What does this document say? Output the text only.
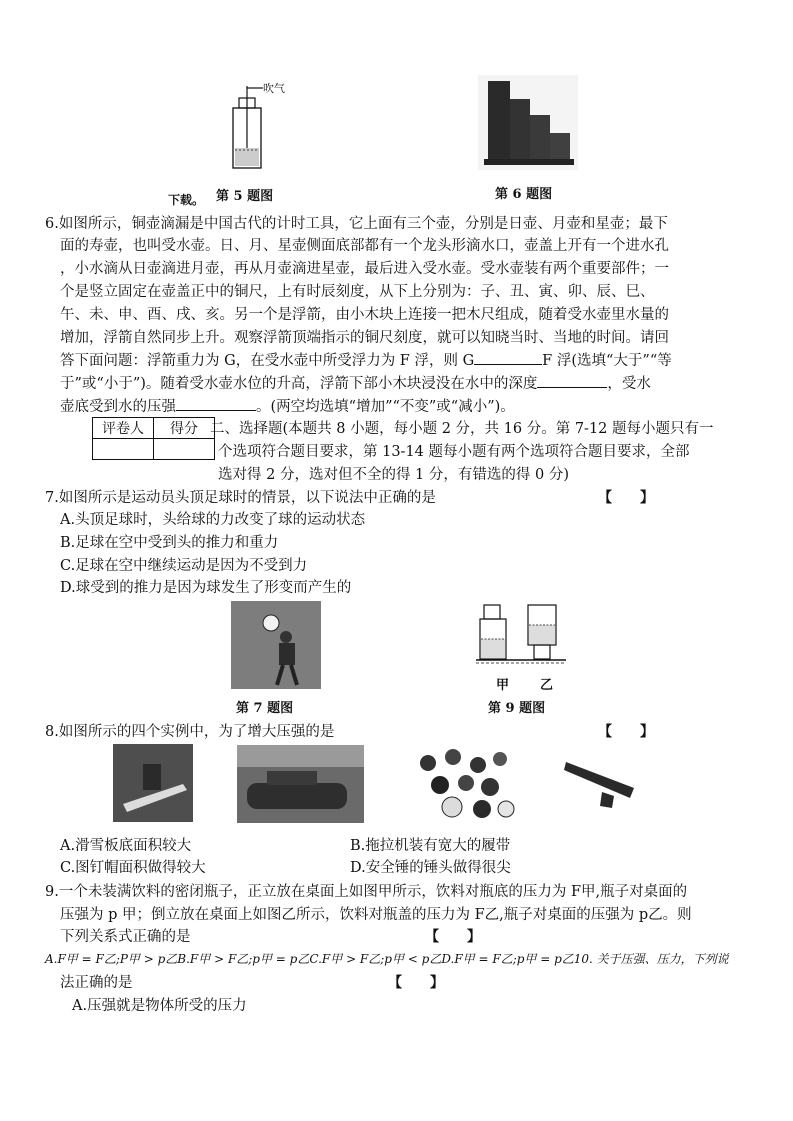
吹气
下载。 第 5 题图	第 6 题图
6.如图所示，铜壶滴漏是中国古代的计时工具，它上面有三个壶，分别是日壶、月壶和星壶；最下
面的寿壶，也叫受水壶。日、月、星壶侧面底部都有一个龙头形滴水口，壶盖上开有一个进水孔
，小水滴从日壶滴进月壶，再从月壶滴进星壶，最后进入受水壶。受水壶装有两个重要部件；一
个是竖立固定在壶盖正中的铜尺，上有时辰刻度，从下上分别为：子、丑、寅、卯、辰、巳、
午、未、申、酉、戌、亥。另一个是浮箭，由小木块上连接一把木尺组成，随着受水壶里水量的
增加，浮箭自然同步上升。观察浮箭顶端指示的铜尺刻度，就可以知晓当时、当地的时间。请回
答下面问题：浮箭重力为 G，在受水壶中所受浮力为 F 浮，则 G	F 浮(选填“大于”“等
于”或“小于”)。随着受水壶水位的升高，浮箭下部小木块浸没在水中的深度	，受水
壶底受到水的压强	。(两空均选填“增加”“不变”或“减小”)。
评卷人	得分
	二、选择题(本题共 8 小题，每小题 2 分，共 16 分。第 7-12 题每小题只有一
个选项符合题目要求，第 13-14 题每小题有两个选项符合题目要求，全部
选对得 2 分，选对但不全的得 1 分，有错选的得 0 分)
7.如图所示是运动员头顶足球时的情景，以下说法中正确的是	【　　】
A.头顶足球时，头给球的力改变了球的运动状态
B.足球在空中受到头的推力和重力
C.足球在空中继续运动是因为不受到力
D.球受到的推力是因为球发生了形变而产生的
第 7 题图
甲 乙
第 9 题图
8.如图所示的四个实例中，为了增大压强的是	【　　】
A.滑雪板底面积较大	B.拖拉机装有宽大的履带
C.图钉帽面积做得较大	D.安全锤的锤头做得很尖
9.一个未装满饮料的密闭瓶子，正立放在桌面上如图甲所示，饮料对瓶底的压力为 F甲,瓶子对桌面的
压强为 p 甲；倒立放在桌面上如图乙所示，饮料对瓶盖的压力为 F乙,瓶子对桌面的压强为 p乙。则
下列关系式正确的是	【　　】
A.F甲 = F乙;P甲 > p乙B.F甲 > F乙;p甲 = p乙C.F甲 > F乙;p甲 < p乙D.F甲 = F乙;p甲 = p乙10. 关于压强、压力，下列说
法正确的是	【　　】
A.压强就是物体所受的压力
